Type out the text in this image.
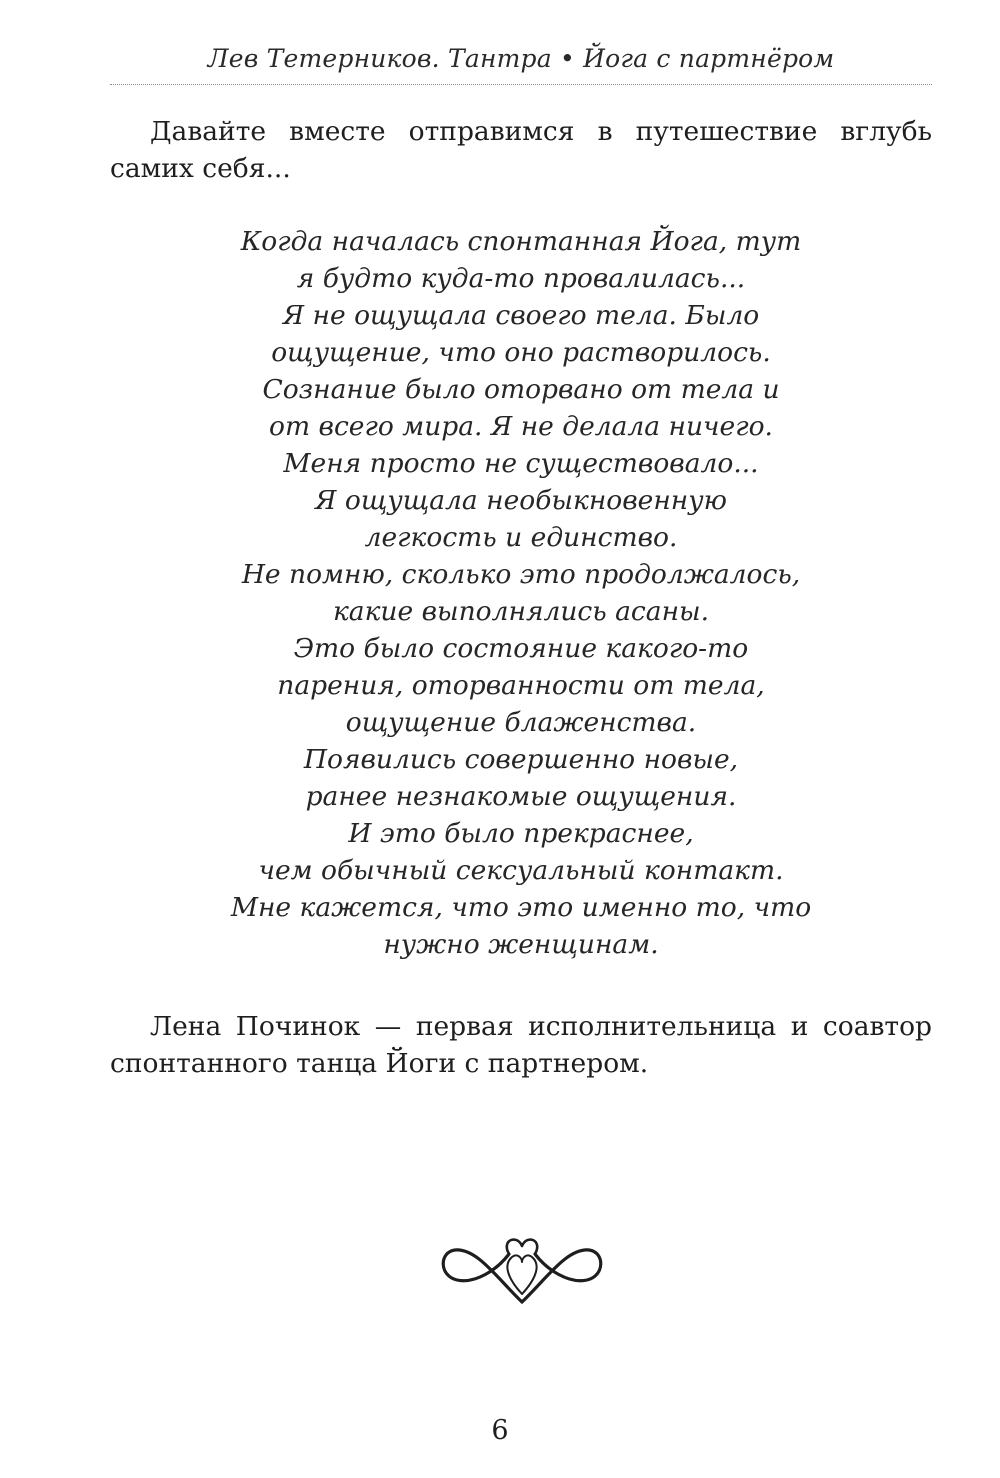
Лев Тетерников. Тантра • Йога с партнёром

Давайте вместе отправимся в путешествие вглубь самих себя...

Когда началась спонтанная Йога, тут
я будто куда-то провалилась...
Я не ощущала своего тела. Было
ощущение, что оно растворилось.
Сознание было оторвано от тела и
от всего мира. Я не делала ничего.
Меня просто не существовало...
Я ощущала необыкновенную
легкость и единство.
Не помню, сколько это продолжалось,
какие выполнялись асаны.
Это было состояние какого-то
парения, оторванности от тела,
ощущение блаженства.
Появились совершенно новые,
ранее незнакомые ощущения.
И это было прекраснее,
чем обычный сексуальный контакт.
Мне кажется, что это именно то, что
нужно женщинам.

Лена Починок — первая исполнительница и соавтор спонтанного танца Йоги с партнером.

6
